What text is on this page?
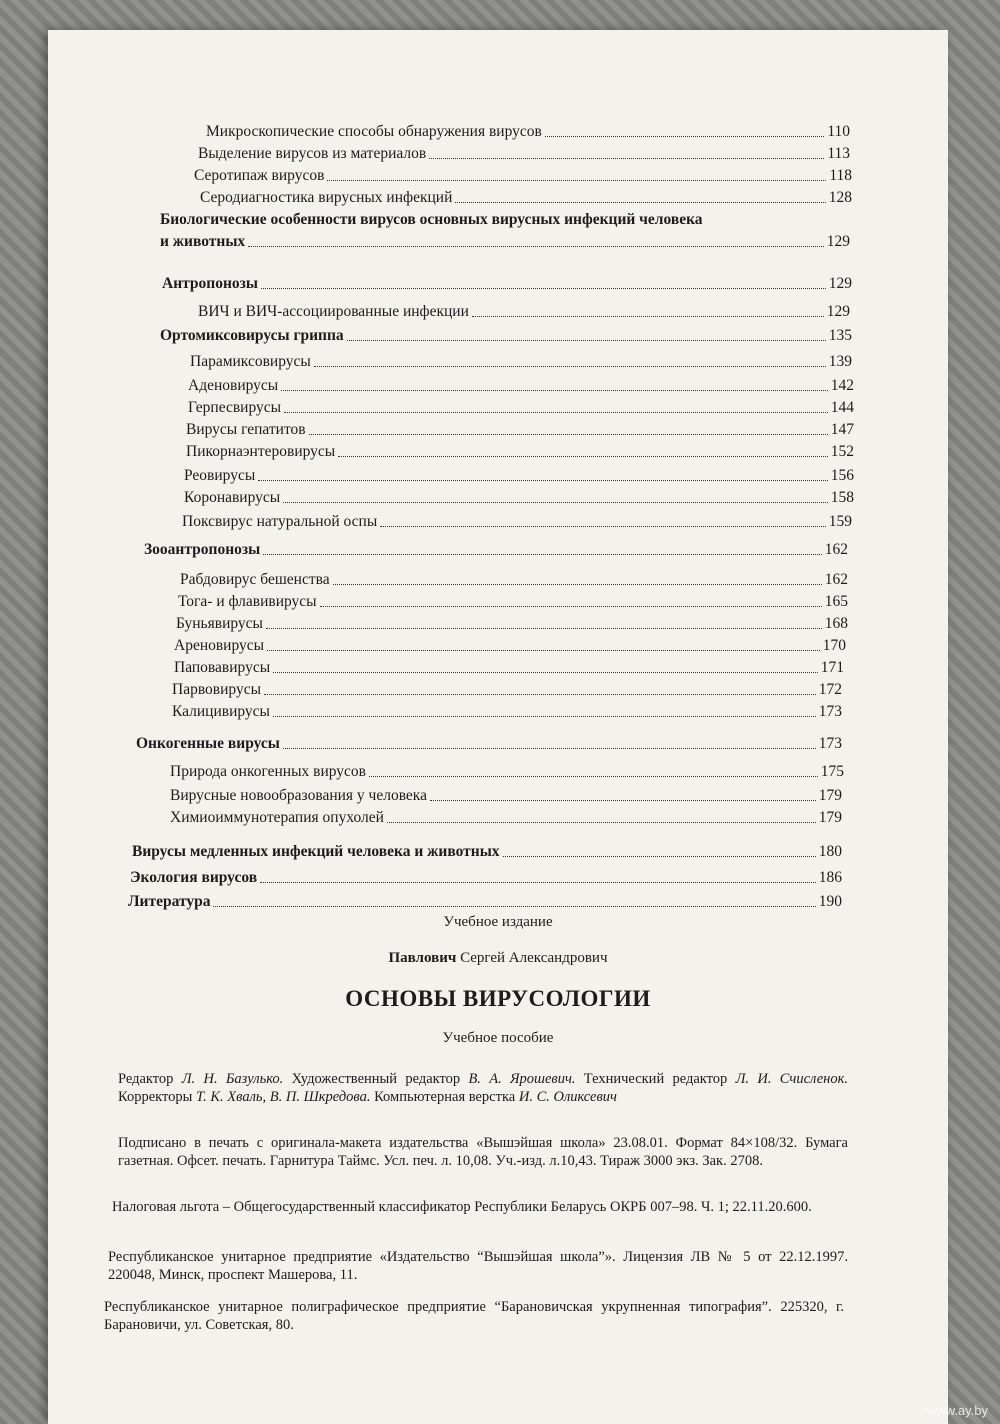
Микроскопические способы обнаружения вирусов	110
Выделение вирусов из материалов	113
Серотипаж вирусов	118
Серодиагностика вирусных инфекций	128
Биологические особенности вирусов основных вирусных инфекций человека
и животных	129
Антропонозы	129
ВИЧ и ВИЧ-ассоциированные инфекции	129
Ортомиксовирусы гриппа	135
Парамиксовирусы	139
Аденовирусы	142
Герпесвирусы	144
Вирусы гепатитов	147
Пикорнаэнтеровирусы	152
Реовирусы	156
Коронавирусы	158
Поксвирус натуральной оспы	159
Зооантропонозы	162
Рабдовирус бешенства	162
Тога- и флавивирусы	165
Буньявирусы	168
Ареновирусы	170
Паповавирусы	171
Парвовирусы	172
Калицивирусы	173
Онкогенные вирусы	173
Природа онкогенных вирусов	175
Вирусные новообразования у человека	179
Химиоиммунотерапия опухолей	179
Вирусы медленных инфекций человека и животных	180
Экология вирусов	186
Литература	190
Учебное издание
Павлович Сергей Александрович
ОСНОВЫ ВИРУСОЛОГИИ
Учебное пособие
Редактор Л. Н. Базулько. Художественный редактор В. А. Ярошевич. Технический редактор Л. И. Счисленок. Корректоры Т. К. Хваль, В. П. Шкредова. Компьютерная верстка И. С. Оликсевич
Подписано в печать с оригинала-макета издательства «Вышэйшая школа» 23.08.01. Формат 84×108/32. Бумага газетная. Офсет. печать. Гарнитура Таймс. Усл. печ. л. 10,08. Уч.-изд. л.10,43. Тираж 3000 экз. Зак. 2708.
Налоговая льгота – Общегосударственный классификатор Республики Беларусь ОКРБ 007–98. Ч. 1; 22.11.20.600.
Республиканское унитарное предприятие «Издательство “Вышэйшая школа”». Лицензия ЛВ № 5 от 22.12.1997. 220048, Минск, проспект Машерова, 11.
Республиканское унитарное полиграфическое предприятие “Барановичская укрупненная типография”. 225320, г. Барановичи, ул. Советская, 80.
www.ay.by
